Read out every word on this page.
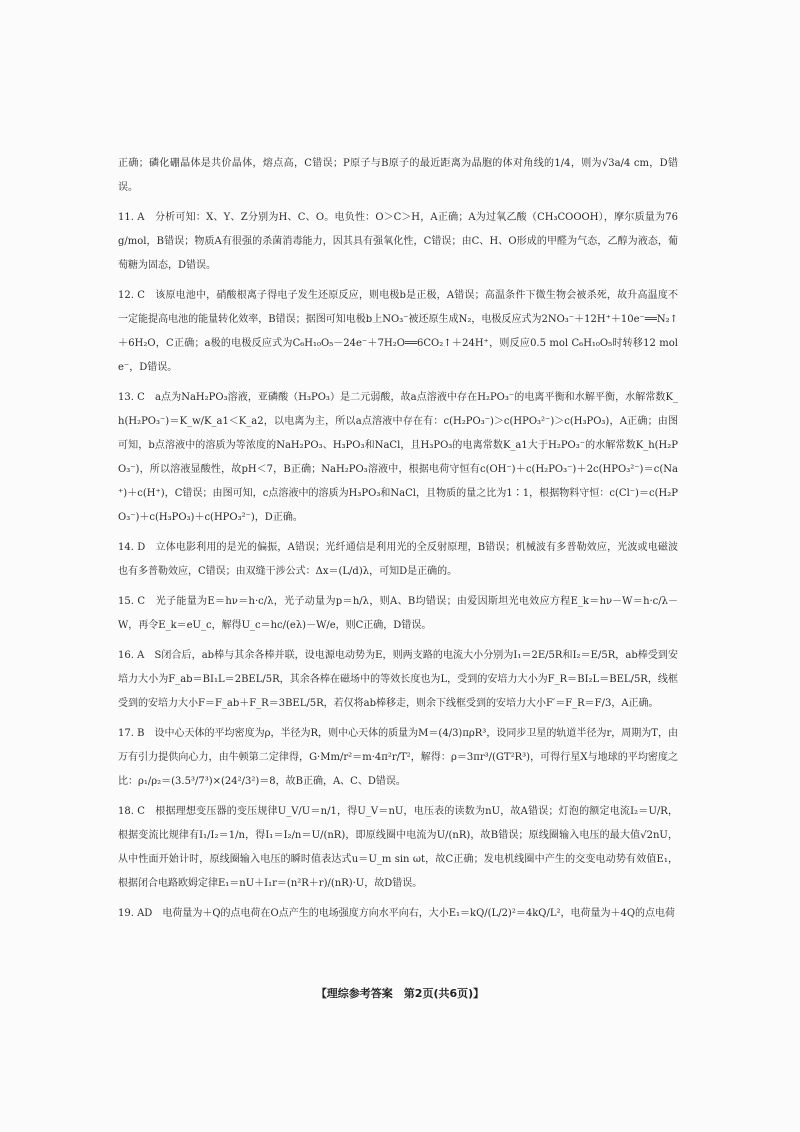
正确；磷化硼晶体是共价晶体，熔点高，C错误；P原子与B原子的最近距离为晶胞的体对角线的1/4，则为√3a/4 cm，D错误。

11. A　分析可知：X、Y、Z分别为H、C、O。电负性：O＞C＞H，A正确；A为过氧乙酸（CH₃COOOH），摩尔质量为76 g/mol，B错误；物质A有很强的杀菌消毒能力，因其具有强氧化性，C错误；由C、H、O形成的甲醛为气态，乙醇为液态，葡萄糖为固态，D错误。

12. C　该原电池中，硝酸根离子得电子发生还原反应，则电极b是正极，A错误；高温条件下微生物会被杀死，故升高温度不一定能提高电池的能量转化效率，B错误；据图可知电极b上NO₃⁻被还原生成N₂，电极反应式为2NO₃⁻＋12H⁺＋10e⁻══N₂↑＋6H₂O，C正确；a极的电极反应式为C₆H₁₀O₅－24e⁻＋7H₂O══6CO₂↑＋24H⁺，则反应0.5 mol C₆H₁₀O₅时转移12 mol e⁻，D错误。

13. C　a点为NaH₂PO₃溶液，亚磷酸（H₃PO₃）是二元弱酸，故a点溶液中存在H₂PO₃⁻的电离平衡和水解平衡，水解常数K_h(H₂PO₃⁻)＝K_w/K_a1＜K_a2，以电离为主，所以a点溶液中存在有：c(H₂PO₃⁻)＞c(HPO₃²⁻)＞c(H₃PO₃)，A正确；由图可知，b点溶液中的溶质为等浓度的NaH₂PO₃、H₃PO₃和NaCl，且H₃PO₃的电离常数K_a1大于H₂PO₃⁻的水解常数K_h(H₂PO₃⁻)，所以溶液显酸性，故pH＜7，B正确；NaH₂PO₃溶液中，根据电荷守恒有c(OH⁻)＋c(H₂PO₃⁻)＋2c(HPO₃²⁻)＝c(Na⁺)＋c(H⁺)，C错误；由图可知，c点溶液中的溶质为H₃PO₃和NaCl，且物质的量之比为1∶1，根据物料守恒：c(Cl⁻)＝c(H₂PO₃⁻)＋c(H₃PO₃)＋c(HPO₃²⁻)，D正确。

14. D　立体电影利用的是光的偏振，A错误；光纤通信是利用光的全反射原理，B错误；机械波有多普勒效应，光波或电磁波也有多普勒效应，C错误；由双缝干涉公式：Δx＝(L/d)λ，可知D是正确的。

15. C　光子能量为E＝hν＝h·c/λ，光子动量为p＝h/λ，则A、B均错误；由爱因斯坦光电效应方程E_k＝hν－W＝h·c/λ－W，再令E_k＝eU_c，解得U_c＝hc/(eλ)－W/e，则C正确，D错误。

16. A　S闭合后，ab棒与其余各棒并联，设电源电动势为E，则两支路的电流大小分别为I₁＝2E/5R和I₂＝E/5R，ab棒受到安培力大小为F_ab＝BI₁L＝2BEL/5R，其余各棒在磁场中的等效长度也为L，受到的安培力大小为F_R＝BI₂L＝BEL/5R，线框受到的安培力大小F＝F_ab＋F_R＝3BEL/5R，若仅将ab棒移走，则余下线框受到的安培力大小F′＝F_R＝F/3，A正确。

17. B　设中心天体的平均密度为ρ，半径为R，则中心天体的质量为M＝(4/3)πρR³，设同步卫星的轨道半径为r，周期为T，由万有引力提供向心力，由牛顿第二定律得，G·Mm/r²＝m·4π²r/T²，解得：ρ＝3πr³/(GT²R³)，可得行星X与地球的平均密度之比：ρ₁/ρ₂＝(3.5³/7³)×(24²/3²)＝8，故B正确，A、C、D错误。

18. C　根据理想变压器的变压规律U_V/U＝n/1，得U_V＝nU，电压表的读数为nU，故A错误；灯泡的额定电流I₂＝U/R，根据变流比规律有I₁/I₂＝1/n，得I₁＝I₂/n＝U/(nR)，即原线圈中电流为U/(nR)，故B错误；原线圈输入电压的最大值√2nU，从中性面开始计时，原线圈输入电压的瞬时值表达式u＝U_m sin ωt，故C正确；发电机线圈中产生的交变电动势有效值E₁，根据闭合电路欧姆定律E₁＝nU＋I₁r＝(n²R＋r)/(nR)·U，故D错误。

19. AD　电荷量为＋Q的点电荷在O点产生的电场强度方向水平向右，大小E₁＝kQ/(L/2)²＝4kQ/L²，电荷量为＋4Q的点电荷

【理综参考答案　第2页(共6页)】
